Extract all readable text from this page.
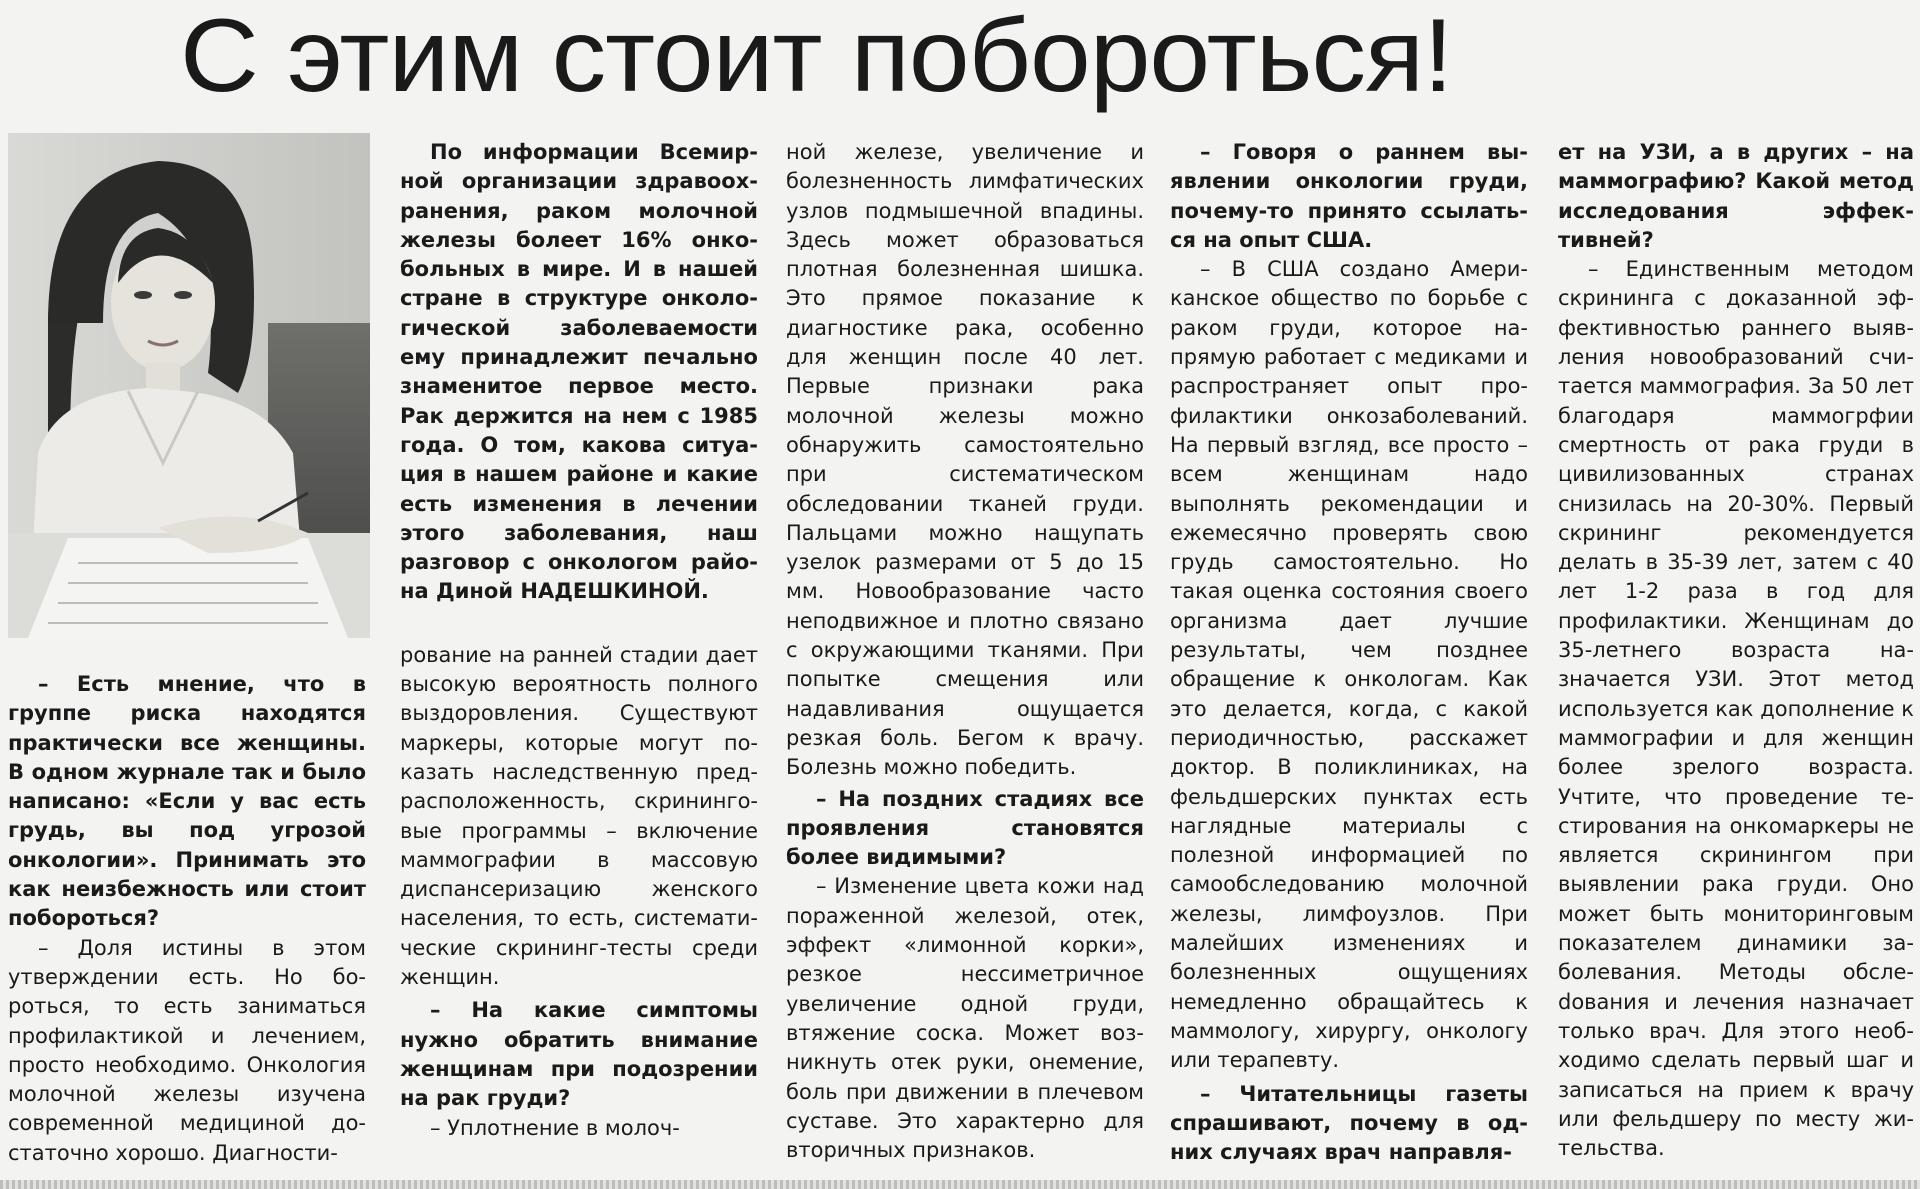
С этим стоит побороться!

– Есть мнение, что в группе риска находятся практически все женщины. В одном журнале так и было написано: «Если у вас есть грудь, вы под угрозой онкологии». Принимать это как неизбежность или стоит побороться?

– Доля истины в этом утверждении есть. Но бороться, то есть заниматься профилактикой и лечением, просто необходимо. Онкология молочной железы изучена современной медициной достаточно хорошо. Диагности-

По информации Всемирной организации здравоохранения, раком молочной железы болеет 16% онкобольных в мире. И в нашей стране в структуре онкологической заболеваемости ему принадлежит печально знаменитое первое место. Рак держится на нем с 1985 года. О том, какова ситуация в нашем районе и какие есть изменения в лечении этого заболевания, наш разговор с онкологом района Диной НАДЕШКИНОЙ.

рование на ранней стадии дает высокую вероятность полного выздоровления. Существуют маркеры, которые могут показать наследственную предрасположенность, скрининговые программы – включение маммографии в массовую диспансеризацию женского населения, то есть, систематические скрининг-тесты среди женщин.

– На какие симптомы нужно обратить внимание женщинам при подозрении на рак груди?

– Уплотнение в молоч-

ной железе, увеличение и болезненность лимфатических узлов подмышечной впадины. Здесь может образоваться плотная болезненная шишка. Это прямое показание к диагностике рака, особенно для женщин после 40 лет. Первые признаки рака молочной железы можно обнаружить самостоятельно при систематическом обследовании тканей груди. Пальцами можно нащупать узелок размерами от 5 до 15 мм. Новообразование часто неподвижное и плотно связано с окружающими тканями. При попытке смещения или надавливания ощущается резкая боль. Бегом к врачу. Болезнь можно победить.

– На поздних стадиях все проявления становятся более видимыми?

– Изменение цвета кожи над пораженной железой, отек, эффект «лимонной корки», резкое нессиметричное увеличение одной груди, втяжение соска. Может возникнуть отек руки, онемение, боль при движении в плечевом суставе. Это характерно для вторичных признаков.

– Говоря о раннем выявлении онкологии груди, почему-то принято ссылаться на опыт США.

– В США создано Американское общество по борьбе с раком груди, которое напрямую работает с медиками и распространяет опыт профилактики онкозаболеваний. На первый взгляд, все просто – всем женщинам надо выполнять рекомендации и ежемесячно проверять свою грудь самостоятельно. Но такая оценка состояния своего организма дает лучшие результаты, чем позднее обращение к онкологам. Как это делается, когда, с какой периодичностью, расскажет доктор. В поликлиниках, на фельдшерских пунктах есть наглядные материалы с полезной информацией по самообследованию молочной железы, лимфоузлов. При малейших изменениях и болезненных ощущениях немедленно обращайтесь к маммологу, хирургу, онкологу или терапевту.

– Читательницы газеты спрашивают, почему в одних случаях врач направля-

ет на УЗИ, а в других – на маммографию? Какой метод исследования эффективней?

– Единственным методом скрининга с доказанной эффективностью раннего выявления новообразований считается маммография. За 50 лет благодаря маммогрфии смертность от рака груди в цивилизованных странах снизилась на 20-30%. Первый скрининг рекомендуется делать в 35-39 лет, затем с 40 лет 1-2 раза в год для профилактики. Женщинам до 35-летнего возраста назначается УЗИ. Этот метод используется как дополнение к маммографии и для женщин более зрелого возраста. Учтите, что проведение тестирования на онкомаркеры не является скринингом при выявлении рака груди. Оно может быть мониторинговым показателем динамики заболевания. Методы обслеdования и лечения назначает только врач. Для этого необходимо сделать первый шаг и записаться на прием к врачу или фельдшеру по месту жительства.
